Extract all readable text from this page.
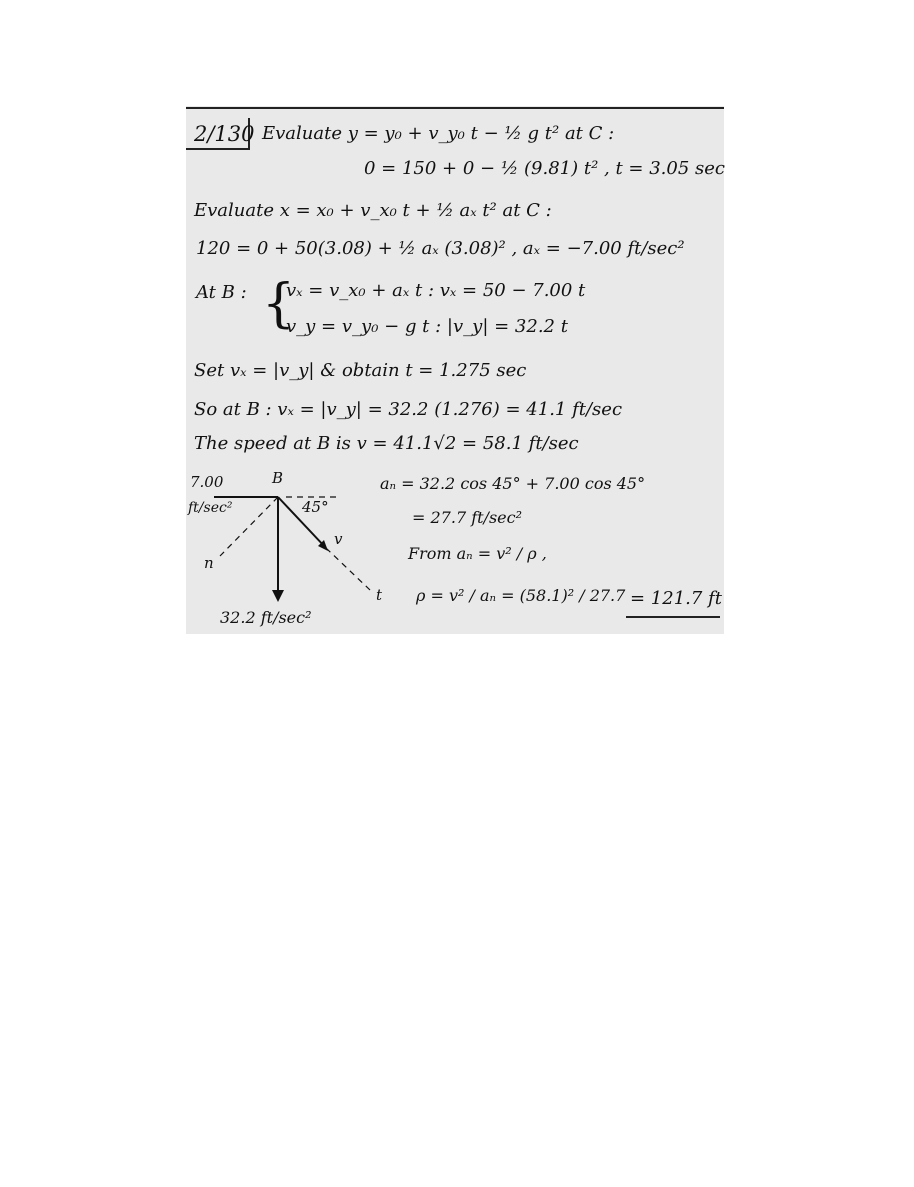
2/130 Evaluate y = y₀ + v_y₀ t − ½ g t² at C :
0 = 150 + 0 − ½ (9.81) t² , t = 3.05 sec
Evaluate x = x₀ + v_x₀ t + ½ aₓ t² at C :
120 = 0 + 50(3.08) + ½ aₓ (3.08)² , aₓ = −7.00 ft/sec²
At B : {
vₓ = v_x₀ + aₓ t : vₓ = 50 − 7.00 t
v_y = v_y₀ − g t : |v_y| = 32.2 t
Set vₓ = |v_y| & obtain t = 1.275 sec
So at B : vₓ = |v_y| = 32.2 (1.276) = 41.1 ft/sec
The speed at B is v = 41.1√2 = 58.1 ft/sec
aₙ = 32.2 cos 45° + 7.00 cos 45°
= 27.7 ft/sec²
From aₙ = v² / ρ ,
ρ = v² / aₙ = (58.1)² / 27.7 = 121.7 ft
7.00
ft/sec²
B
45°
v
n
t
32.2 ft/sec²
